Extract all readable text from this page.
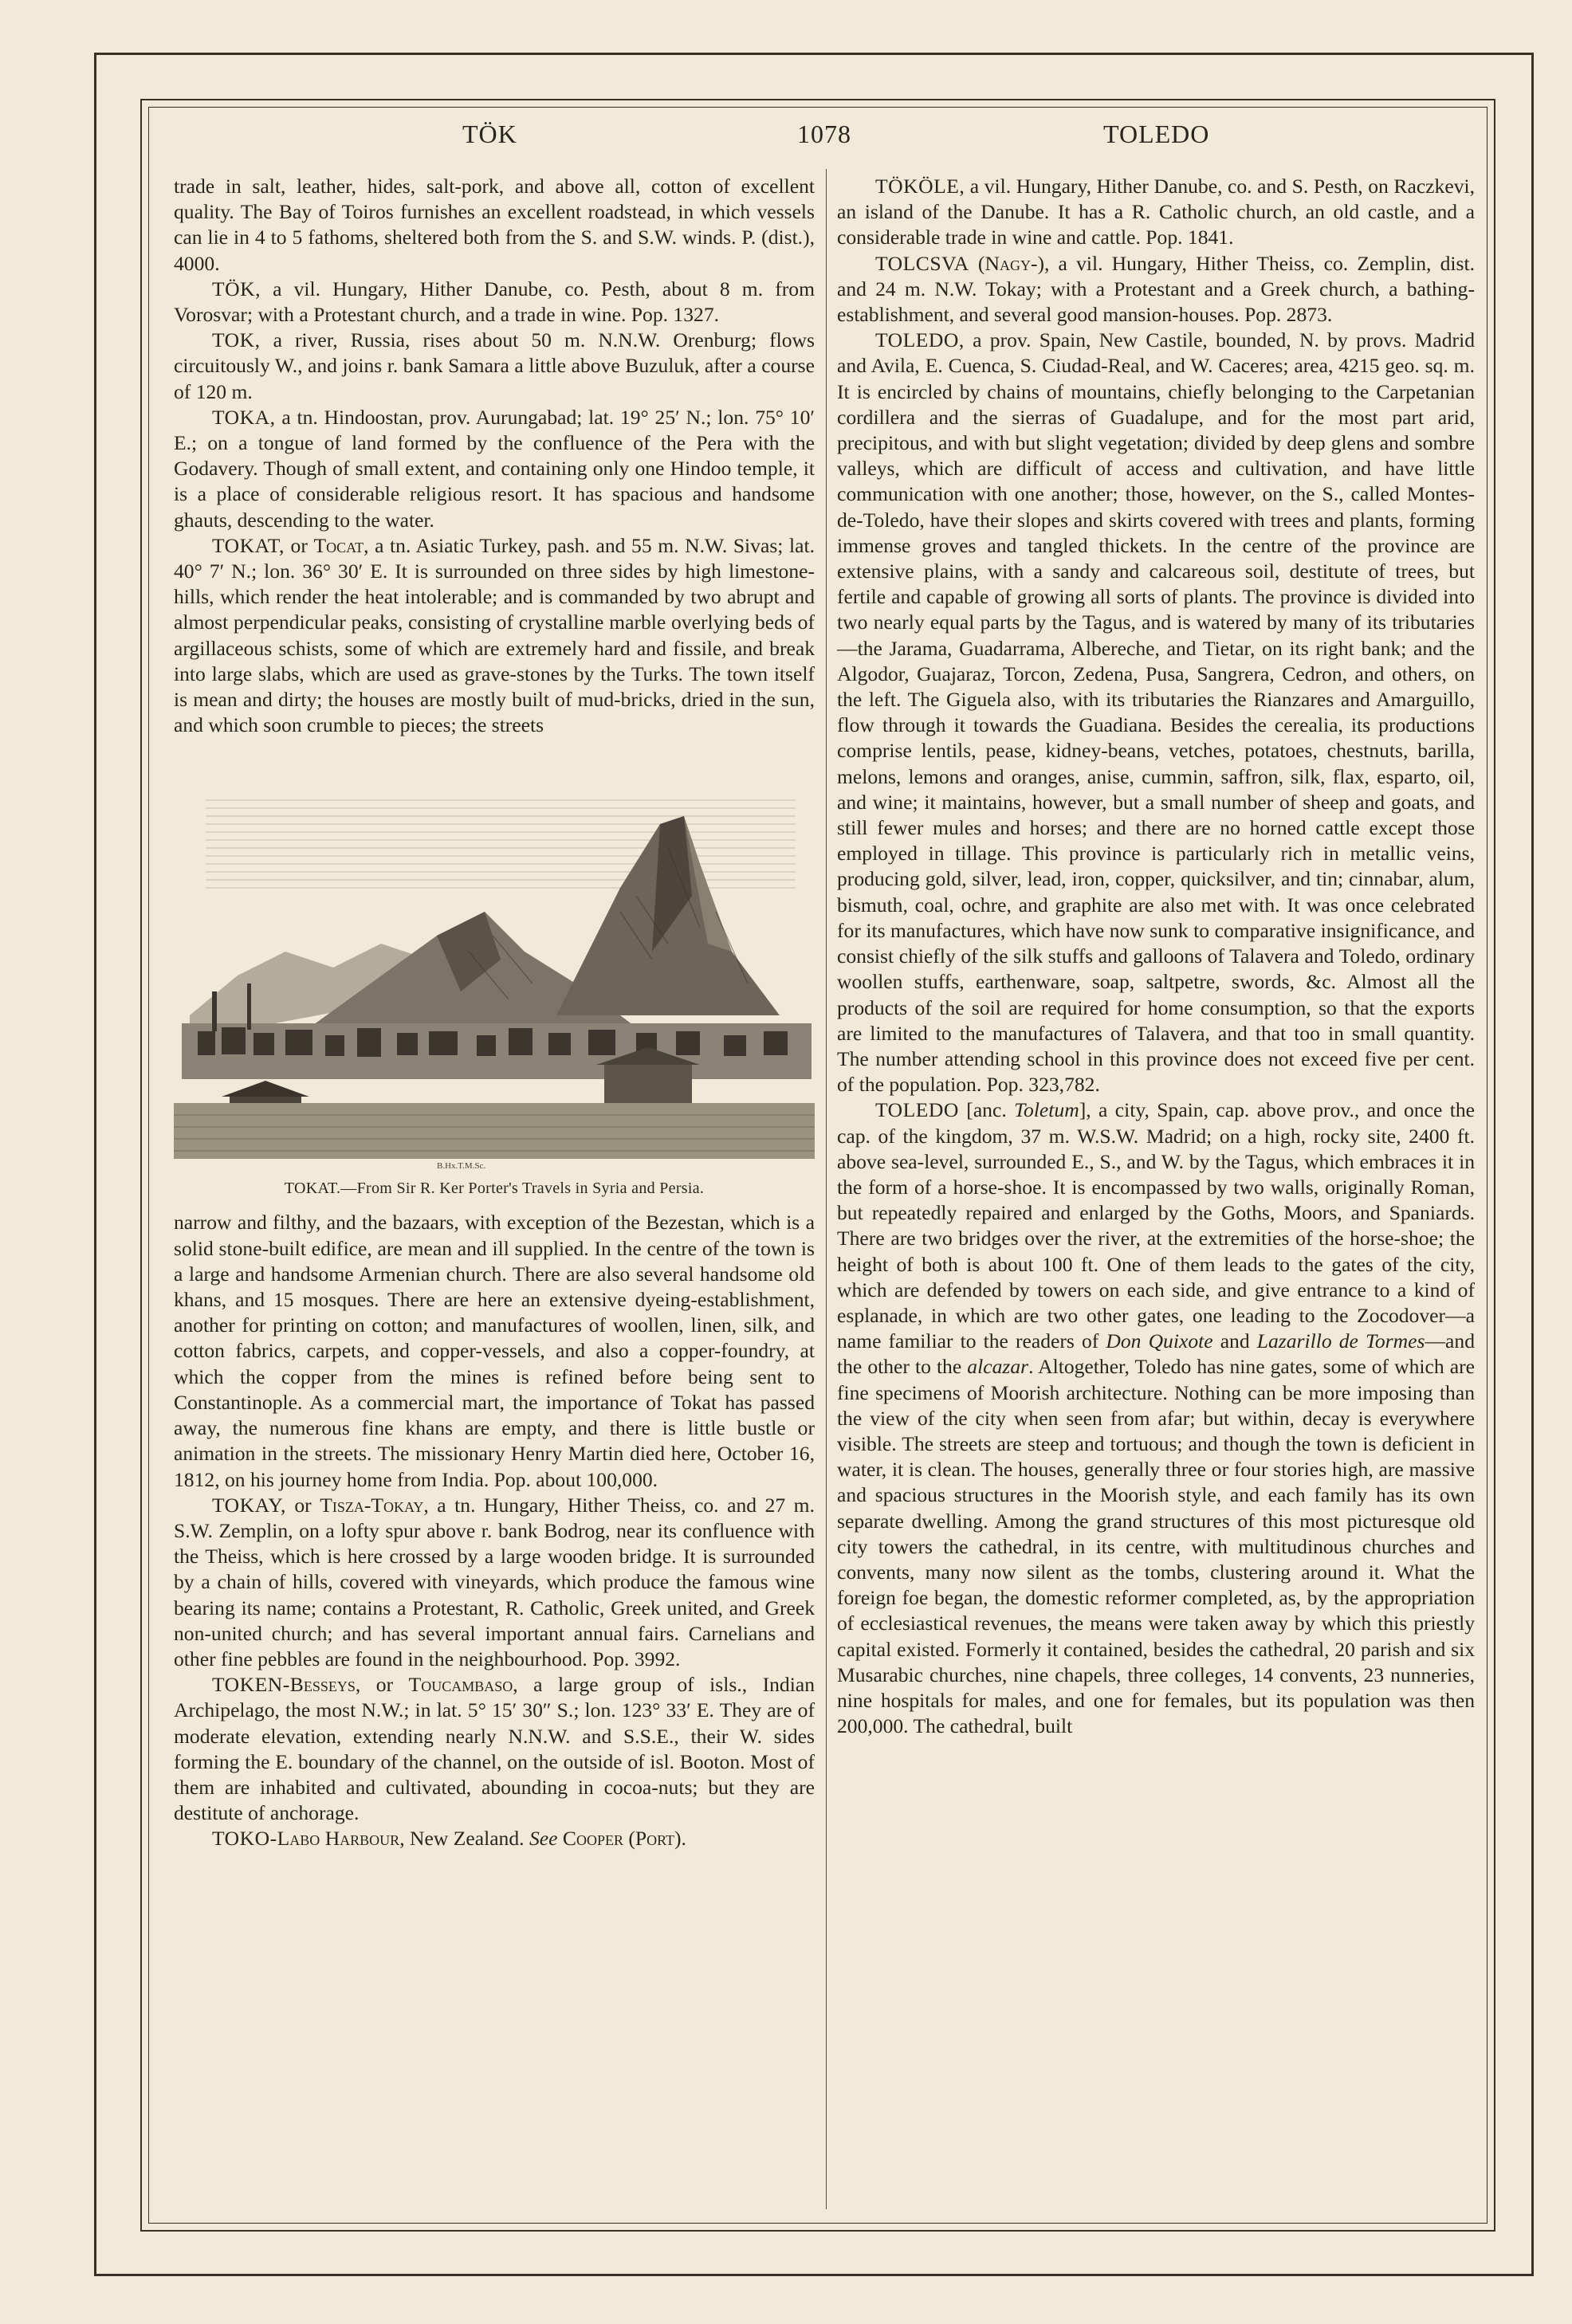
TÖK	1078	TOLEDO

trade in salt, leather, hides, salt-pork, and above all, cotton of excellent quality. The Bay of Toiros furnishes an excellent roadstead, in which vessels can lie in 4 to 5 fathoms, sheltered both from the S. and S.W. winds. P. (dist.), 4000.

TÖK, a vil. Hungary, Hither Danube, co. Pesth, about 8 m. from Vorosvar; with a Protestant church, and a trade in wine. Pop. 1327.

TOK, a river, Russia, rises about 50 m. N.N.W. Orenburg; flows circuitously W., and joins r. bank Samara a little above Buzuluk, after a course of 120 m.

TOKA, a tn. Hindoostan, prov. Aurungabad; lat. 19° 25′ N.; lon. 75° 10′ E.; on a tongue of land formed by the confluence of the Pera with the Godavery. Though of small extent, and containing only one Hindoo temple, it is a place of considerable religious resort. It has spacious and handsome ghauts, descending to the water.

TOKAT, or Tocat, a tn. Asiatic Turkey, pash. and 55 m. N.W. Sivas; lat. 40° 7′ N.; lon. 36° 30′ E. It is surrounded on three sides by high limestone-hills, which render the heat intolerable; and is commanded by two abrupt and almost perpendicular peaks, consisting of crystalline marble overlying beds of argillaceous schists, some of which are extremely hard and fissile, and break into large slabs, which are used as grave-stones by the Turks. The town itself is mean and dirty; the houses are mostly built of mud-bricks, dried in the sun, and which soon crumble to pieces; the streets

B.Hx.T.M.Sc.
TOKAT.—From Sir R. Ker Porter's Travels in Syria and Persia.

narrow and filthy, and the bazaars, with exception of the Bezestan, which is a solid stone-built edifice, are mean and ill supplied. In the centre of the town is a large and handsome Armenian church. There are also several handsome old khans, and 15 mosques. There are here an extensive dyeing-establishment, another for printing on cotton; and manufactures of woollen, linen, silk, and cotton fabrics, carpets, and copper-vessels, and also a copper-foundry, at which the copper from the mines is refined before being sent to Constantinople. As a commercial mart, the importance of Tokat has passed away, the numerous fine khans are empty, and there is little bustle or animation in the streets. The missionary Henry Martin died here, October 16, 1812, on his journey home from India. Pop. about 100,000.

TOKAY, or Tisza-Tokay, a tn. Hungary, Hither Theiss, co. and 27 m. S.W. Zemplin, on a lofty spur above r. bank Bodrog, near its confluence with the Theiss, which is here crossed by a large wooden bridge. It is surrounded by a chain of hills, covered with vineyards, which produce the famous wine bearing its name; contains a Protestant, R. Catholic, Greek united, and Greek non-united church; and has several important annual fairs. Carnelians and other fine pebbles are found in the neighbourhood. Pop. 3992.

TOKEN-Besseys, or Toucambaso, a large group of isls., Indian Archipelago, the most N.W.; in lat. 5° 15′ 30″ S.; lon. 123° 33′ E. They are of moderate elevation, extending nearly N.N.W. and S.S.E., their W. sides forming the E. boundary of the channel, on the outside of isl. Booton. Most of them are inhabited and cultivated, abounding in cocoa-nuts; but they are destitute of anchorage.

TOKO-Labo Harbour, New Zealand. See Cooper (Port).

TÖKÖLE, a vil. Hungary, Hither Danube, co. and S. Pesth, on Raczkevi, an island of the Danube. It has a R. Catholic church, an old castle, and a considerable trade in wine and cattle. Pop. 1841.

TOLCSVA (Nagy-), a vil. Hungary, Hither Theiss, co. Zemplin, dist. and 24 m. N.W. Tokay; with a Protestant and a Greek church, a bathing-establishment, and several good mansion-houses. Pop. 2873.

TOLEDO, a prov. Spain, New Castile, bounded, N. by provs. Madrid and Avila, E. Cuenca, S. Ciudad-Real, and W. Caceres; area, 4215 geo. sq. m. It is encircled by chains of mountains, chiefly belonging to the Carpetanian cordillera and the sierras of Guadalupe, and for the most part arid, precipitous, and with but slight vegetation; divided by deep glens and sombre valleys, which are difficult of access and cultivation, and have little communication with one another; those, however, on the S., called Montes-de-Toledo, have their slopes and skirts covered with trees and plants, forming immense groves and tangled thickets. In the centre of the province are extensive plains, with a sandy and calcareous soil, destitute of trees, but fertile and capable of growing all sorts of plants. The province is divided into two nearly equal parts by the Tagus, and is watered by many of its tributaries—the Jarama, Guadarrama, Albereche, and Tietar, on its right bank; and the Algodor, Guajaraz, Torcon, Zedena, Pusa, Sangrera, Cedron, and others, on the left. The Giguela also, with its tributaries the Rianzares and Amarguillo, flow through it towards the Guadiana. Besides the cerealia, its productions comprise lentils, pease, kidney-beans, vetches, potatoes, chestnuts, barilla, melons, lemons and oranges, anise, cummin, saffron, silk, flax, esparto, oil, and wine; it maintains, however, but a small number of sheep and goats, and still fewer mules and horses; and there are no horned cattle except those employed in tillage. This province is particularly rich in metallic veins, producing gold, silver, lead, iron, copper, quicksilver, and tin; cinnabar, alum, bismuth, coal, ochre, and graphite are also met with. It was once celebrated for its manufactures, which have now sunk to comparative insignificance, and consist chiefly of the silk stuffs and galloons of Talavera and Toledo, ordinary woollen stuffs, earthenware, soap, saltpetre, swords, &c. Almost all the products of the soil are required for home consumption, so that the exports are limited to the manufactures of Talavera, and that too in small quantity. The number attending school in this province does not exceed five per cent. of the population. Pop. 323,782.

TOLEDO [anc. Toletum], a city, Spain, cap. above prov., and once the cap. of the kingdom, 37 m. W.S.W. Madrid; on a high, rocky site, 2400 ft. above sea-level, surrounded E., S., and W. by the Tagus, which embraces it in the form of a horse-shoe. It is encompassed by two walls, originally Roman, but repeatedly repaired and enlarged by the Goths, Moors, and Spaniards. There are two bridges over the river, at the extremities of the horse-shoe; the height of both is about 100 ft. One of them leads to the gates of the city, which are defended by towers on each side, and give entrance to a kind of esplanade, in which are two other gates, one leading to the Zocodover—a name familiar to the readers of Don Quixote and Lazarillo de Tormes—and the other to the alcazar. Altogether, Toledo has nine gates, some of which are fine specimens of Moorish architecture. Nothing can be more imposing than the view of the city when seen from afar; but within, decay is everywhere visible. The streets are steep and tortuous; and though the town is deficient in water, it is clean. The houses, generally three or four stories high, are massive and spacious structures in the Moorish style, and each family has its own separate dwelling. Among the grand structures of this most picturesque old city towers the cathedral, in its centre, with multitudinous churches and convents, many now silent as the tombs, clustering around it. What the foreign foe began, the domestic reformer completed, as, by the appropriation of ecclesiastical revenues, the means were taken away by which this priestly capital existed. Formerly it contained, besides the cathedral, 20 parish and six Musarabic churches, nine chapels, three colleges, 14 convents, 23 nunneries, nine hospitals for males, and one for females, but its population was then 200,000. The cathedral, built
